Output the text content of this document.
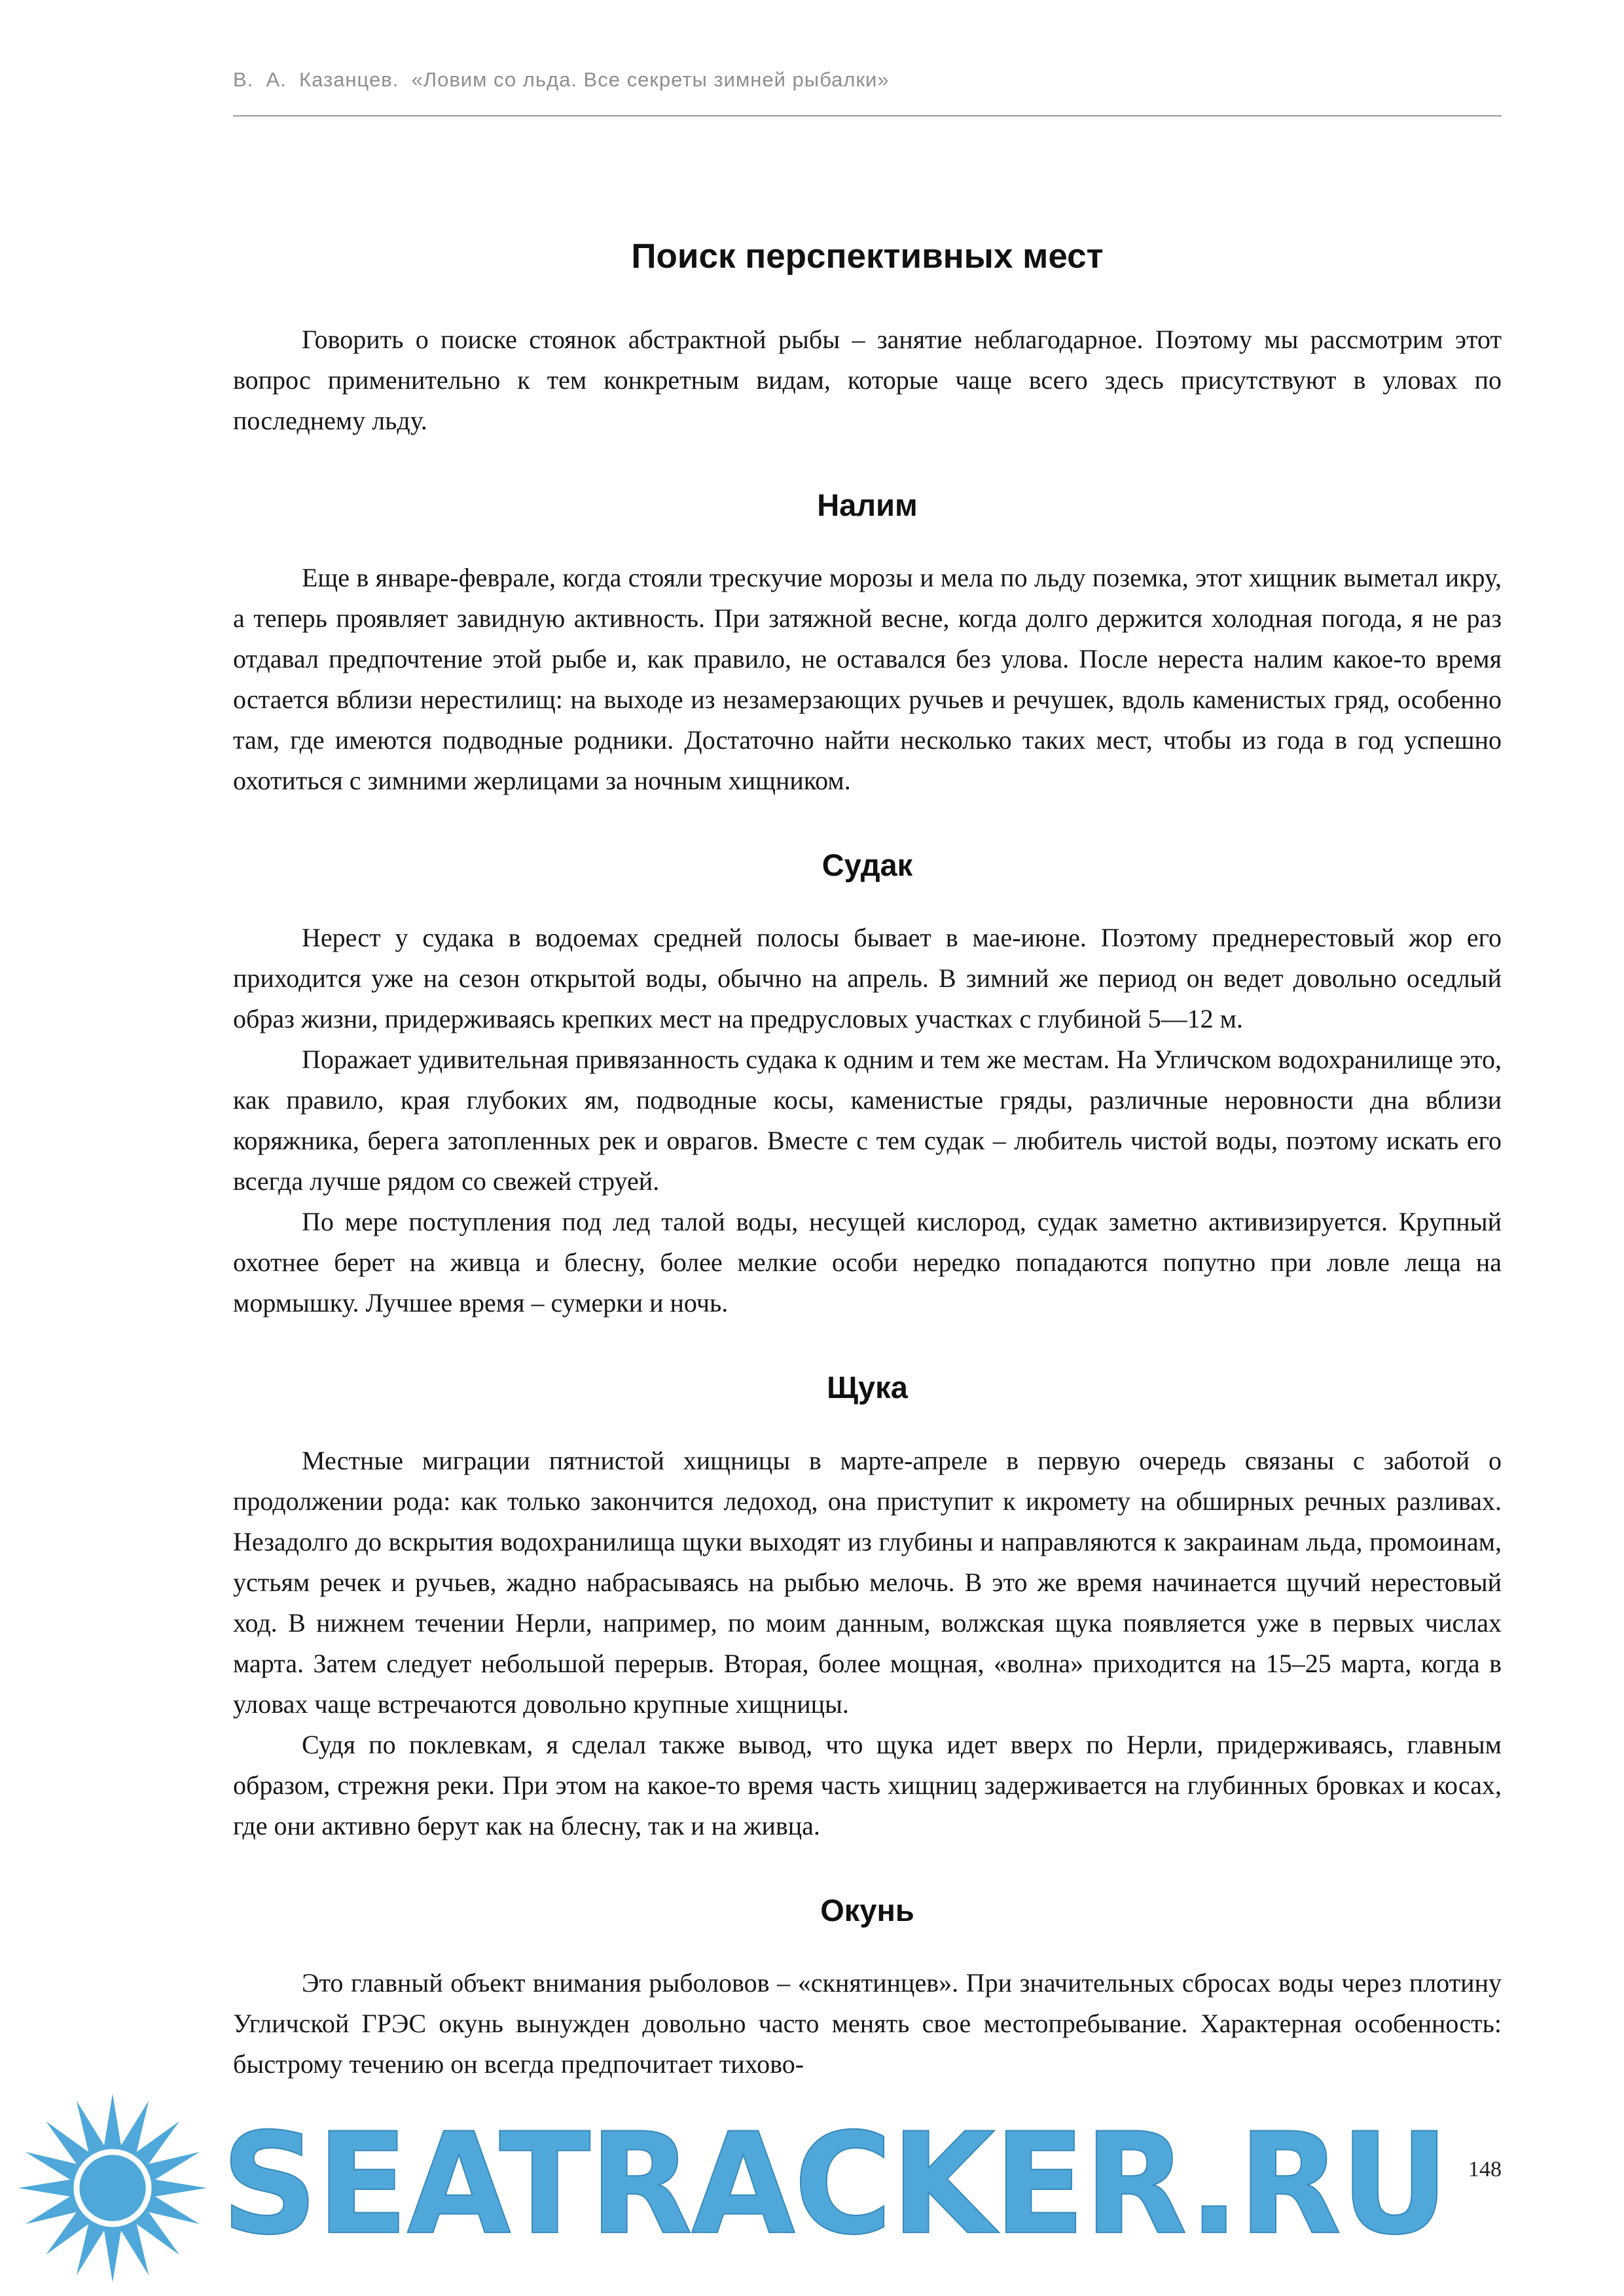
В.  А.  Казанцев.  «Ловим со льда. Все секреты зимней рыбалки»
Поиск перспективных мест

Говорить о поиске стоянок абстрактной рыбы – занятие неблагодарное. Поэтому мы рассмотрим этот вопрос применительно к тем конкретным видам, которые чаще всего здесь присутствуют в уловах по последнему льду.

Налим

Еще в январе-феврале, когда стояли трескучие морозы и мела по льду поземка, этот хищник выметал икру, а теперь проявляет завидную активность. При затяжной весне, когда долго держится холодная погода, я не раз отдавал предпочтение этой рыбе и, как правило, не оставался без улова. После нереста налим какое-то время остается вблизи нерестилищ: на выходе из незамерзающих ручьев и речушек, вдоль каменистых гряд, особенно там, где имеются подводные родники. Достаточно найти несколько таких мест, чтобы из года в год успешно охотиться с зимними жерлицами за ночным хищником.

Судак

Нерест у судака в водоемах средней полосы бывает в мае-июне. Поэтому преднерестовый жор его приходится уже на сезон открытой воды, обычно на апрель. В зимний же период он ведет довольно оседлый образ жизни, придерживаясь крепких мест на предрусловых участках с глубиной 5—12 м.

Поражает удивительная привязанность судака к одним и тем же местам. На Угличском водохранилище это, как правило, края глубоких ям, подводные косы, каменистые гряды, различные неровности дна вблизи коряжника, берега затопленных рек и оврагов. Вместе с тем судак – любитель чистой воды, поэтому искать его всегда лучше рядом со свежей струей.

По мере поступления под лед талой воды, несущей кислород, судак заметно активизируется. Крупный охотнее берет на живца и блесну, более мелкие особи нередко попадаются попутно при ловле леща на мормышку. Лучшее время – сумерки и ночь.

Щука

Местные миграции пятнистой хищницы в марте-апреле в первую очередь связаны с заботой о продолжении рода: как только закончится ледоход, она приступит к икромету на обширных речных разливах. Незадолго до вскрытия водохранилища щуки выходят из глубины и направляются к закраинам льда, промоинам, устьям речек и ручьев, жадно набрасываясь на рыбью мелочь. В это же время начинается щучий нерестовый ход. В нижнем течении Нерли, например, по моим данным, волжская щука появляется уже в первых числах марта. Затем следует небольшой перерыв. Вторая, более мощная, «волна» приходится на 15–25 марта, когда в уловах чаще встречаются довольно крупные хищницы.

Судя по поклевкам, я сделал также вывод, что щука идет вверх по Нерли, придерживаясь, главным образом, стрежня реки. При этом на какое-то время часть хищниц задерживается на глубинных бровках и косах, где они активно берут как на блесну, так и на живца.

Окунь

Это главный объект внимания рыболовов – «скнятинцев». При значительных сбросах воды через плотину Угличской ГРЭС окунь вынужден довольно часто менять свое местопребывание. Характерная особенность: быстрому течению он всегда предпочитает тихово-

148
SEATRACKER.RU
